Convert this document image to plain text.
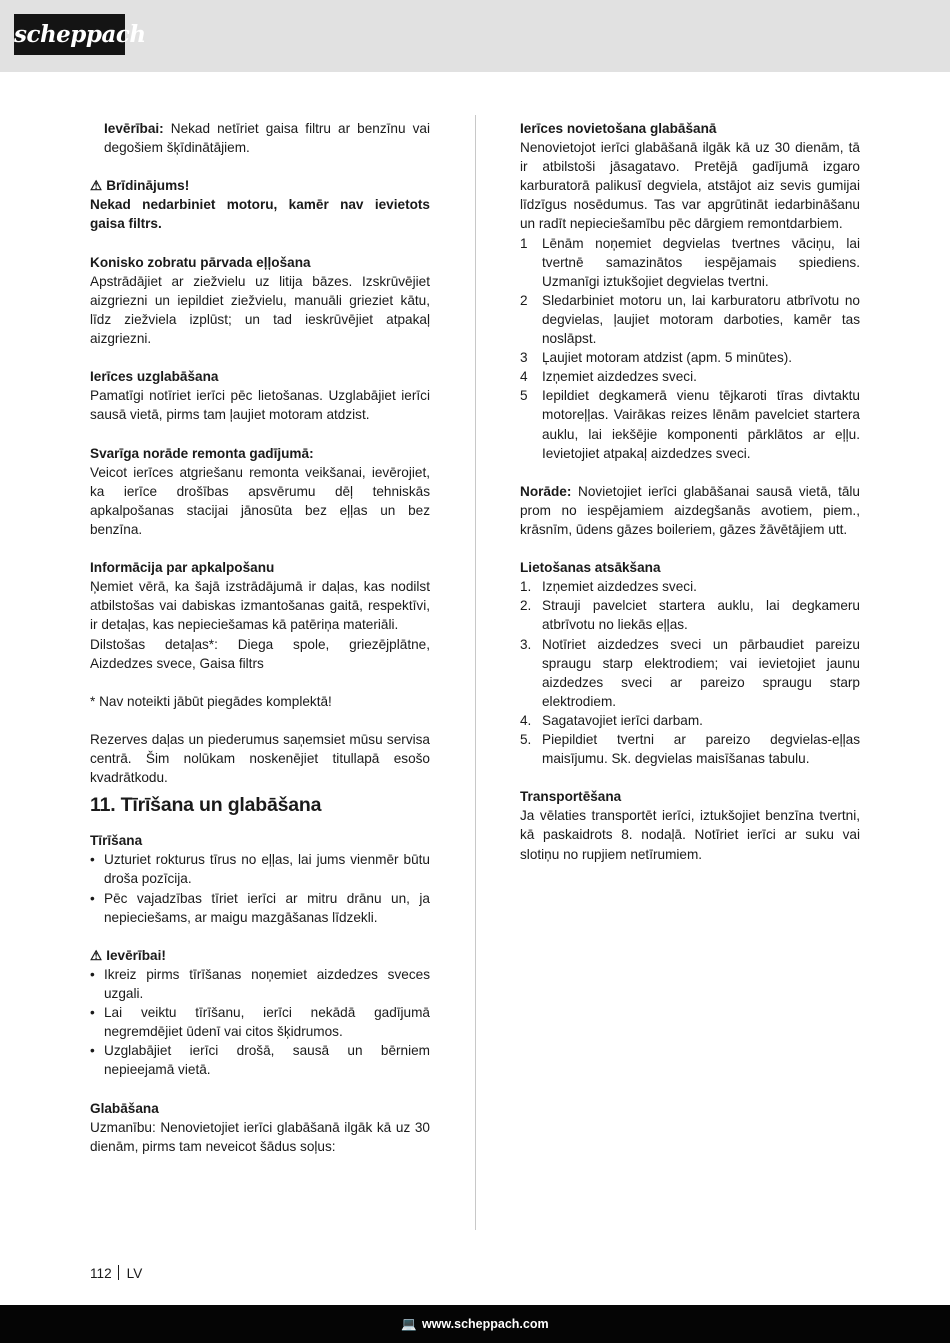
scheppach

Ievērībai: Nekad netīriet gaisa filtru ar benzīnu vai degošiem šķīdinātājiem.

⚠ Brīdinājums!

Nekad nedarbiniet motoru, kamēr nav ievietots gaisa filtrs.

Konisko zobratu pārvada eļļošana

Apstrādājiet ar ziežvielu uz litija bāzes. Izskrūvējiet aizgriezni un iepildiet ziežvielu, manuāli grieziet kātu, līdz ziežviela izplūst; un tad ieskrūvējiet atpakaļ aizgriezni.

Ierīces uzglabāšana

Pamatīgi notīriet ierīci pēc lietošanas. Uzglabājiet ierīci sausā vietā, pirms tam ļaujiet motoram atdzist.

Svarīga norāde remonta gadījumā:

Veicot ierīces atgriešanu remonta veikšanai, ievērojiet, ka ierīce drošības apsvērumu dēļ tehniskās apkalpošanas stacijai jānosūta bez eļļas un bez benzīna.

Informācija par apkalpošanu

Ņemiet vērā, ka šajā izstrādājumā ir daļas, kas nodilst atbilstošas vai dabiskas izmantošanas gaitā, respektīvi, ir detaļas, kas nepieciešamas kā patēriņa materiāli.

Dilstošas detaļas*: Diega spole, griezējplātne, Aizdedzes svece, Gaisa filtrs

* Nav noteikti jābūt piegādes komplektā!

Rezerves daļas un piederumus saņemsiet mūsu servisa centrā. Šim nolūkam noskenējiet titullapā esošo kvadrātkodu.

11. Tīrīšana un glabāšana

Tīrīšana

• Uzturiet rokturus tīrus no eļļas, lai jums vienmēr būtu droša pozīcija.
• Pēc vajadzības tīriet ierīci ar mitru drānu un, ja nepieciešams, ar maigu mazgāšanas līdzekli.

⚠ Ievērībai!

• Ikreiz pirms tīrīšanas noņemiet aizdedzes sveces uzgali.
• Lai veiktu tīrīšanu, ierīci nekādā gadījumā negremdējiet ūdenī vai citos šķidrumos.
• Uzglabājiet ierīci drošā, sausā un bērniem nepieejamā vietā.

Glabāšana

Uzmanību: Nenovietojiet ierīci glabāšanā ilgāk kā uz 30 dienām, pirms tam neveicot šādus soļus:

Ierīces novietošana glabāšanā

Nenovietojot ierīci glabāšanā ilgāk kā uz 30 dienām, tā ir atbilstoši jāsagatavo. Pretējā gadījumā izgaro karburatorā palikusī degviela, atstājot aiz sevis gumijai līdzīgus nosēdumus. Tas var apgrūtināt iedarbināšanu un radīt nepieciešamību pēc dārgiem remontdarbiem.

1 Lēnām noņemiet degvielas tvertnes vāciņu, lai tvertnē samazinātos iespējamais spiediens. Uzmanīgi iztukšojiet degvielas tvertni.
2 Sledarbiniet motoru un, lai karburatoru atbrīvotu no degvielas, ļaujiet motoram darboties, kamēr tas noslāpst.
3 Ļaujiet motoram atdzist (apm. 5 minūtes).
4 Izņemiet aizdedzes sveci.
5 Iepildiet degkamerā vienu tējkaroti tīras divtaktu motoreļļas. Vairākas reizes lēnām pavelciet startera auklu, lai iekšējie komponenti pārklātos ar eļļu. Ievietojiet atpakaļ aizdedzes sveci.

Norāde: Novietojiet ierīci glabāšanai sausā vietā, tālu prom no iespējamiem aizdegšanās avotiem, piem., krāsnīm, ūdens gāzes boileriem, gāzes žāvētājiem utt.

Lietošanas atsākšana

1. Izņemiet aizdedzes sveci.
2. Strauji pavelciet startera auklu, lai degkameru atbrīvotu no liekās eļļas.
3. Notīriet aizdedzes sveci un pārbaudiet pareizu spraugu starp elektrodiem; vai ievietojiet jaunu aizdedzes sveci ar pareizo spraugu starp elektrodiem.
4. Sagatavojiet ierīci darbam.
5. Piepildiet tvertni ar pareizo degvielas-eļļas maisījumu. Sk. degvielas maisīšanas tabulu.

Transportēšana

Ja vēlaties transportēt ierīci, iztukšojiet benzīna tvertni, kā paskaidrots 8. nodaļā. Notīriet ierīci ar suku vai slotiņu no rupjiem netīrumiem.

112 LV
💻 www.scheppach.com
